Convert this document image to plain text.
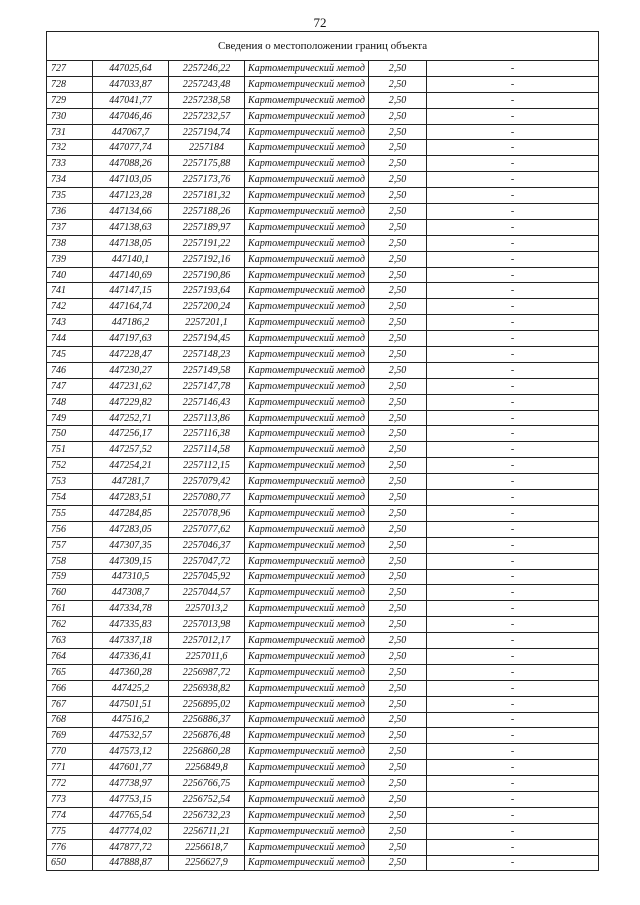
72
Сведения о местоположении границ объекта					
727	447025,64	2257246,22	Картометрический метод	2,50	-
728	447033,87	2257243,48	Картометрический метод	2,50	-
729	447041,77	2257238,58	Картометрический метод	2,50	-
730	447046,46	2257232,57	Картометрический метод	2,50	-
731	447067,7	2257194,74	Картометрический метод	2,50	-
732	447077,74	2257184	Картометрический метод	2,50	-
733	447088,26	2257175,88	Картометрический метод	2,50	-
734	447103,05	2257173,76	Картометрический метод	2,50	-
735	447123,28	2257181,32	Картометрический метод	2,50	-
736	447134,66	2257188,26	Картометрический метод	2,50	-
737	447138,63	2257189,97	Картометрический метод	2,50	-
738	447138,05	2257191,22	Картометрический метод	2,50	-
739	447140,1	2257192,16	Картометрический метод	2,50	-
740	447140,69	2257190,86	Картометрический метод	2,50	-
741	447147,15	2257193,64	Картометрический метод	2,50	-
742	447164,74	2257200,24	Картометрический метод	2,50	-
743	447186,2	2257201,1	Картометрический метод	2,50	-
744	447197,63	2257194,45	Картометрический метод	2,50	-
745	447228,47	2257148,23	Картометрический метод	2,50	-
746	447230,27	2257149,58	Картометрический метод	2,50	-
747	447231,62	2257147,78	Картометрический метод	2,50	-
748	447229,82	2257146,43	Картометрический метод	2,50	-
749	447252,71	2257113,86	Картометрический метод	2,50	-
750	447256,17	2257116,38	Картометрический метод	2,50	-
751	447257,52	2257114,58	Картометрический метод	2,50	-
752	447254,21	2257112,15	Картометрический метод	2,50	-
753	447281,7	2257079,42	Картометрический метод	2,50	-
754	447283,51	2257080,77	Картометрический метод	2,50	-
755	447284,85	2257078,96	Картометрический метод	2,50	-
756	447283,05	2257077,62	Картометрический метод	2,50	-
757	447307,35	2257046,37	Картометрический метод	2,50	-
758	447309,15	2257047,72	Картометрический метод	2,50	-
759	447310,5	2257045,92	Картометрический метод	2,50	-
760	447308,7	2257044,57	Картометрический метод	2,50	-
761	447334,78	2257013,2	Картометрический метод	2,50	-
762	447335,83	2257013,98	Картометрический метод	2,50	-
763	447337,18	2257012,17	Картометрический метод	2,50	-
764	447336,41	2257011,6	Картометрический метод	2,50	-
765	447360,28	2256987,72	Картометрический метод	2,50	-
766	447425,2	2256938,82	Картометрический метод	2,50	-
767	447501,51	2256895,02	Картометрический метод	2,50	-
768	447516,2	2256886,37	Картометрический метод	2,50	-
769	447532,57	2256876,48	Картометрический метод	2,50	-
770	447573,12	2256860,28	Картометрический метод	2,50	-
771	447601,77	2256849,8	Картометрический метод	2,50	-
772	447738,97	2256766,75	Картометрический метод	2,50	-
773	447753,15	2256752,54	Картометрический метод	2,50	-
774	447765,54	2256732,23	Картометрический метод	2,50	-
775	447774,02	2256711,21	Картометрический метод	2,50	-
776	447877,72	2256618,7	Картометрический метод	2,50	-
650	447888,87	2256627,9	Картометрический метод	2,50	-
